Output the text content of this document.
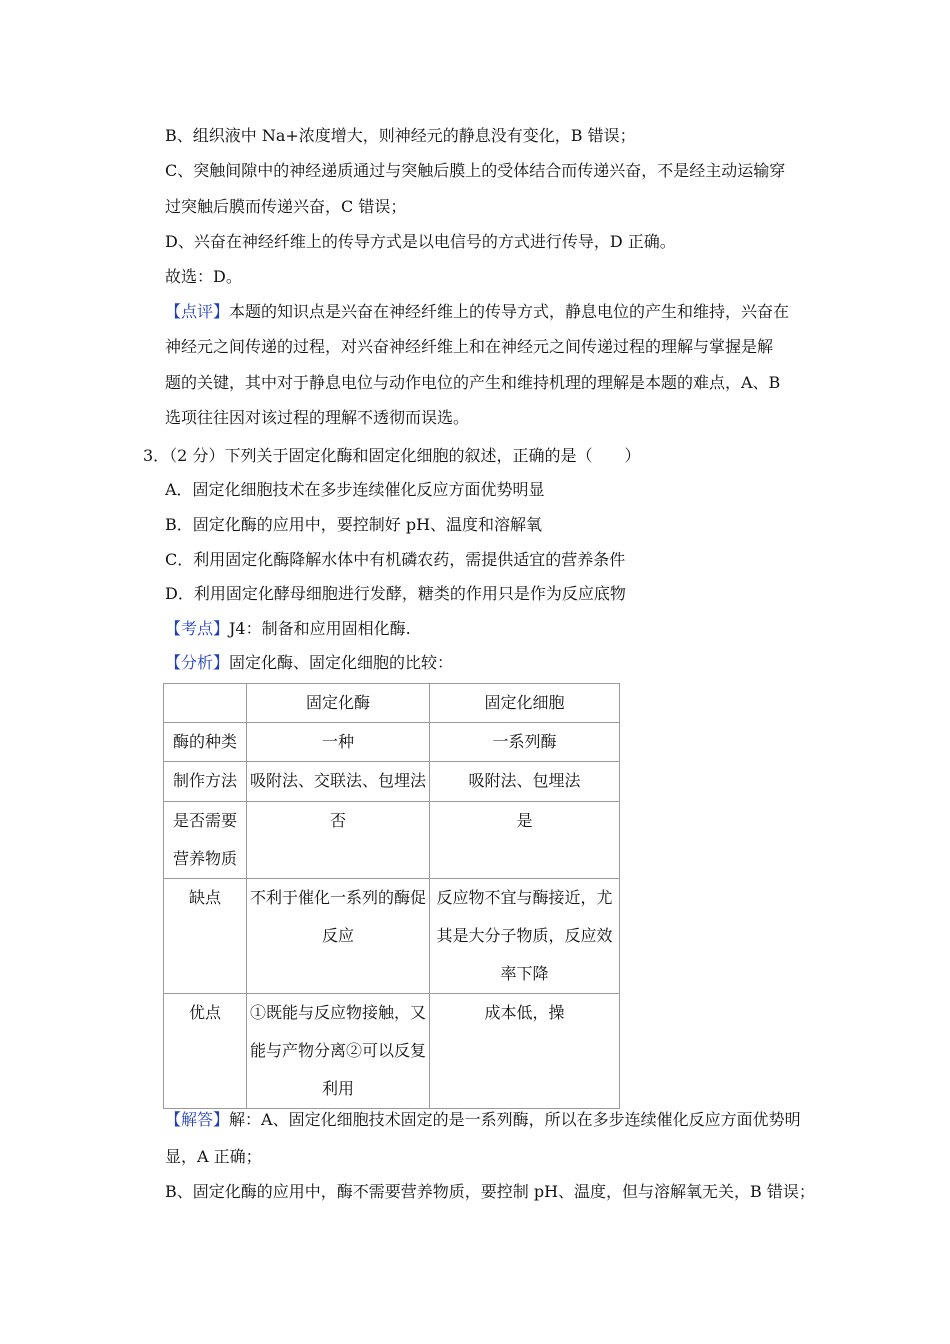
B、组织液中 Na+浓度增大，则神经元的静息没有变化，B 错误；
C、突触间隙中的神经递质通过与突触后膜上的受体结合而传递兴奋，不是经主动运输穿
过突触后膜而传递兴奋，C 错误；
D、兴奋在神经纤维上的传导方式是以电信号的方式进行传导，D 正确。
故选：D。
【点评】本题的知识点是兴奋在神经纤维上的传导方式，静息电位的产生和维持，兴奋在
神经元之间传递的过程，对兴奋神经纤维上和在神经元之间传递过程的理解与掌握是解
题的关键，其中对于静息电位与动作电位的产生和维持机理的理解是本题的难点，A、B
选项往往因对该过程的理解不透彻而误选。
3．（2 分）下列关于固定化酶和固定化细胞的叙述，正确的是（　　）
A．固定化细胞技术在多步连续催化反应方面优势明显
B．固定化酶的应用中，要控制好 pH、温度和溶解氧
C．利用固定化酶降解水体中有机磷农药，需提供适宜的营养条件
D．利用固定化酵母细胞进行发酵，糖类的作用只是作为反应底物
【考点】J4：制备和应用固相化酶.
【分析】固定化酶、固定化细胞的比较：
	固定化酶	固定化细胞
酶的种类	一种	一系列酶
制作方法	吸附法、交联法、包埋法	吸附法、包埋法
是否需要营养物质	否	是
缺点	不利于催化一系列的酶促反应	反应物不宜与酶接近，尤其是大分子物质，反应效率下降
优点	①既能与反应物接触，又能与产物分离②可以反复利用	成本低，操
【解答】解：A、固定化细胞技术固定的是一系列酶，所以在多步连续催化反应方面优势明
显，A 正确；
B、固定化酶的应用中，酶不需要营养物质，要控制 pH、温度，但与溶解氧无关，B 错误；
